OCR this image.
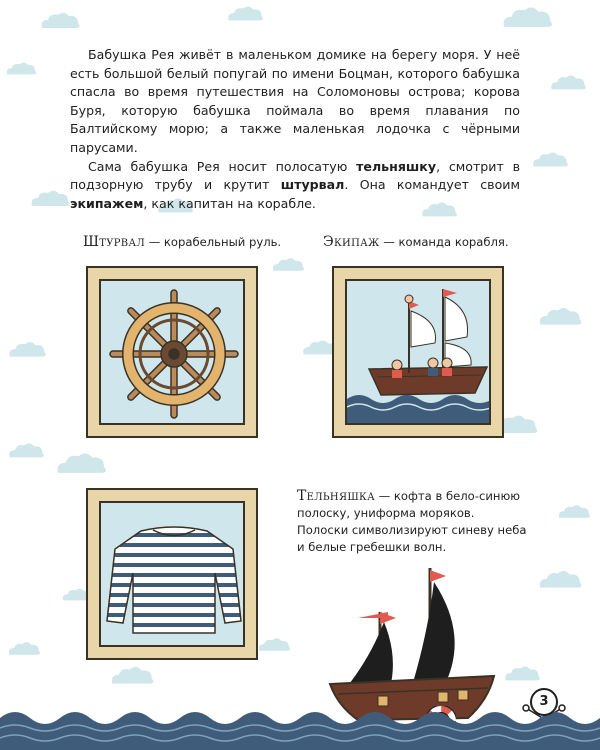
Бабушка Рея живёт в маленьком домике на берегу моря. У неё есть большой белый попугай по имени Боцман, которого бабушка спасла во время путешествия на Соломоновы острова; корова Буря, которую бабушка поймала во время плавания по Балтийскому морю; а также маленькая лодочка с чёрными парусами.

Сама бабушка Рея носит полосатую тельняшку, смотрит в подзорную трубу и крутит штурвал. Она командует своим экипажем, как капитан на корабле.

Штурвал — корабельный руль.	Экипаж — команда корабля.
Тельняшка — кофта в бело-синюю полоску, униформа моряков. Полоски символизируют синеву неба и белые гребешки волн.
3
